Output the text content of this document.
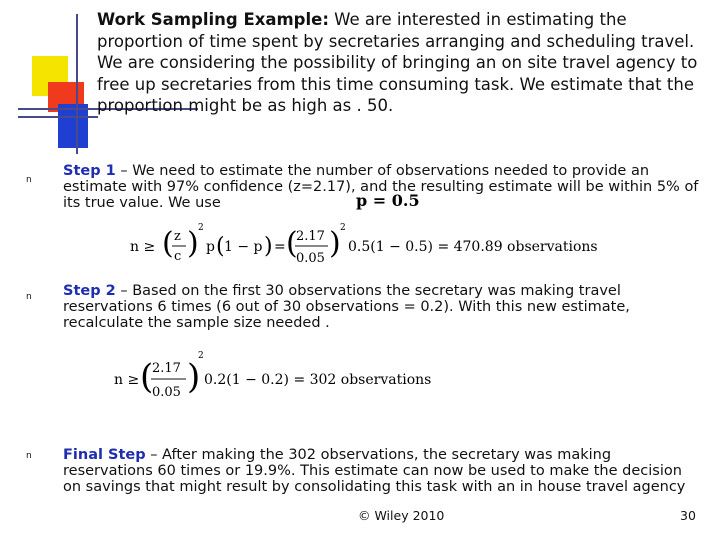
Work Sampling Example: We are interested in estimating the proportion of time spent by secretaries arranging and scheduling travel. We are considering the possibility of bringing an on site travel agency to free up secretaries from this time consuming task. We estimate that the proportion might be as high as . 50.

n

Step 1 – We need to estimate the number of observations needed to provide an estimate with 97% confidence (z=2.17), and the resulting estimate will be within 5% of its true value. We use	p = 0.5
n ≥ ( z
c ) 2
p ( 1 − p ) = (
2.17
0.05 ) 2
0.5(1 − 0.5) = 470.89 observations
n Step 2 – Based on the first 30 observations the secretary was making travel reservations 6 times (6 out of 30 observations = 0.2). With this new estimate, recalculate the sample size needed .

n ≥ (
2.17
0.05 )
2
0.2(1 − 0.2) = 302 observations
n Final Step – After making the 302 observations, the secretary was making reservations 60 times or 19.9%. This estimate can now be used to make the decision on savings that might result by consolidating this task with an in house travel agency

© Wiley 2010	30
